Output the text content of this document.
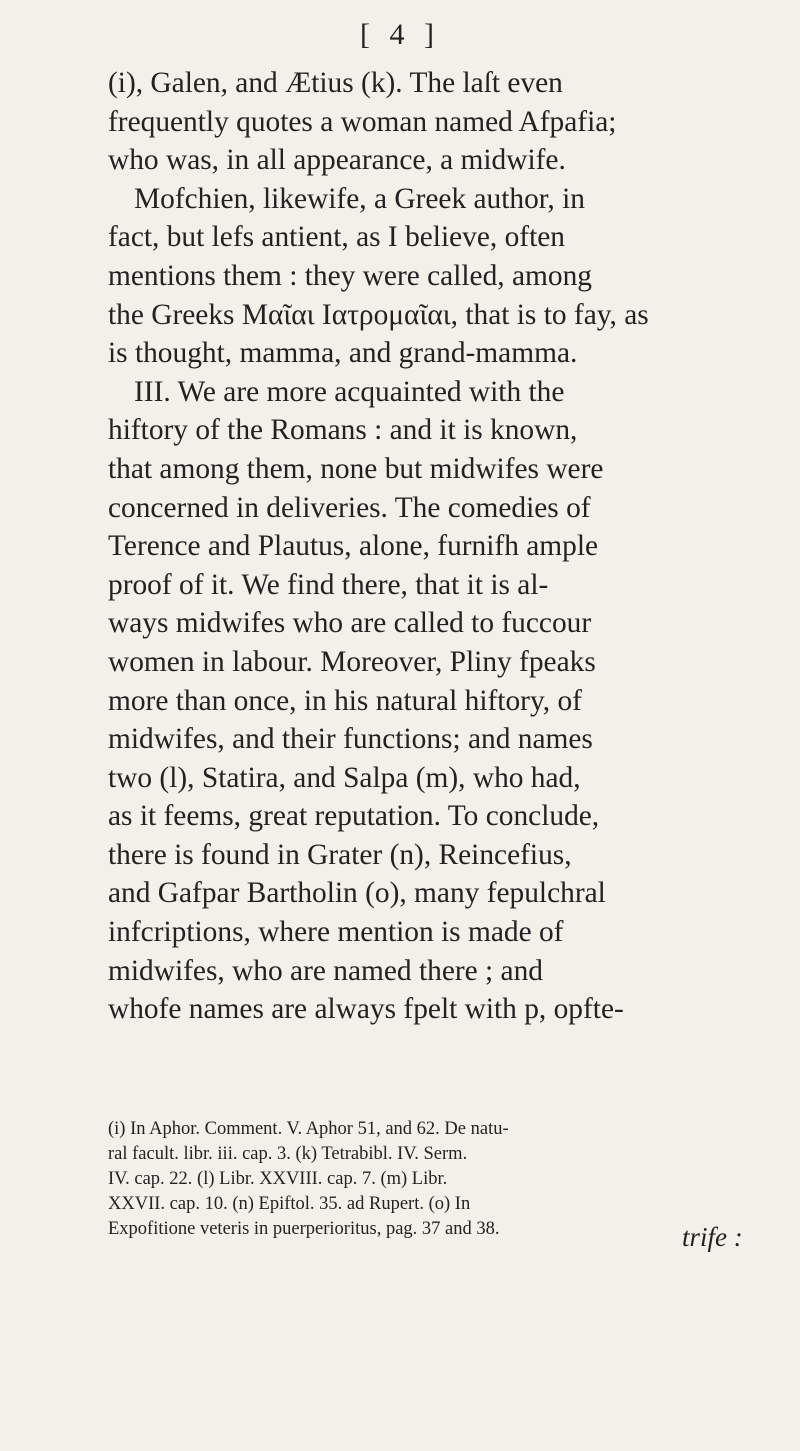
[ 4 ]
(i), Galen, and Ætius (k). The laſt even
frequently quotes a woman named Afpafia;
who was, in all appearance, a midwife.
Mofchien, likewife, a Greek author, in
fact, but lefs antient, as I believe, often
mentions them : they were called, among
the Greeks Μαῖαι Ιατρομαῖαι, that is to fay, as
is thought, mamma, and grand-mamma.
III. We are more acquainted with the
hiftory of the Romans : and it is known,
that among them, none but midwifes were
concerned in deliveries. The comedies of
Terence and Plautus, alone, furnifh ample
proof of it. We find there, that it is al-
ways midwifes who are called to fuccour
women in labour. Moreover, Pliny fpeaks
more than once, in his natural hiftory, of
midwifes, and their functions; and names
two (l), Statira, and Salpa (m), who had,
as it feems, great reputation. To conclude,
there is found in Grater (n), Reincefius,
and Gafpar Bartholin (o), many fepulchral
infcriptions, where mention is made of
midwifes, who are named there ; and
whofe names are always fpelt with p, opfte-
(i) In Aphor. Comment. V. Aphor 51, and 62. De natu-
ral facult. libr. iii. cap. 3. (k) Tetrabibl. IV. Serm.
IV. cap. 22. (l) Libr. XXVIII. cap. 7. (m) Libr.
XXVII. cap. 10. (n) Epiftol. 35. ad Rupert. (o) In
Expofitione veteris in puerperioritus, pag. 37 and 38.	trife :
